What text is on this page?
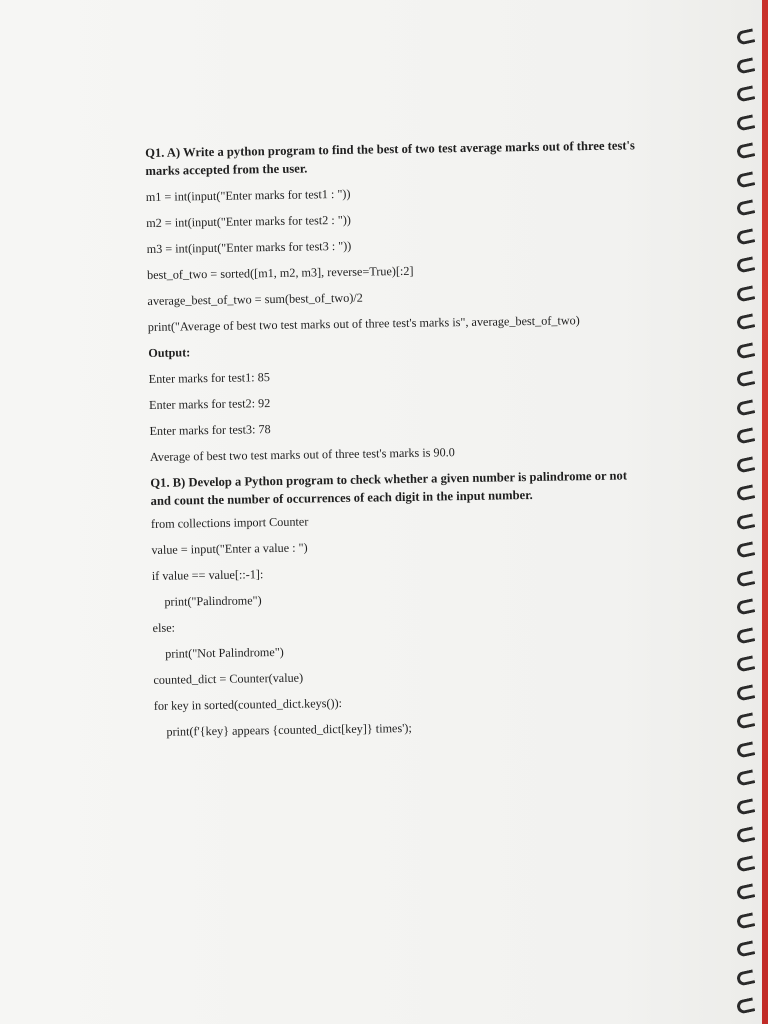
Q1. A) Write a python program to find the best of two test average marks out of three test's marks accepted from the user.

m1 = int(input("Enter marks for test1 : "))

m2 = int(input("Enter marks for test2 : "))

m3 = int(input("Enter marks for test3 : "))

best_of_two = sorted([m1, m2, m3], reverse=True)[:2]

average_best_of_two = sum(best_of_two)/2

print("Average of best two test marks out of three test's marks is", average_best_of_two)

Output:

Enter marks for test1: 85

Enter marks for test2: 92

Enter marks for test3: 78

Average of best two test marks out of three test's marks is 90.0

Q1. B) Develop a Python program to check whether a given number is palindrome or not and count the number of occurrences of each digit in the input number.

from collections import Counter

value = input("Enter a value : ")

if value == value[::-1]:

print("Palindrome")

else:

print("Not Palindrome")

counted_dict = Counter(value)

for key in sorted(counted_dict.keys()):

print(f'{key} appears {counted_dict[key]} times');
